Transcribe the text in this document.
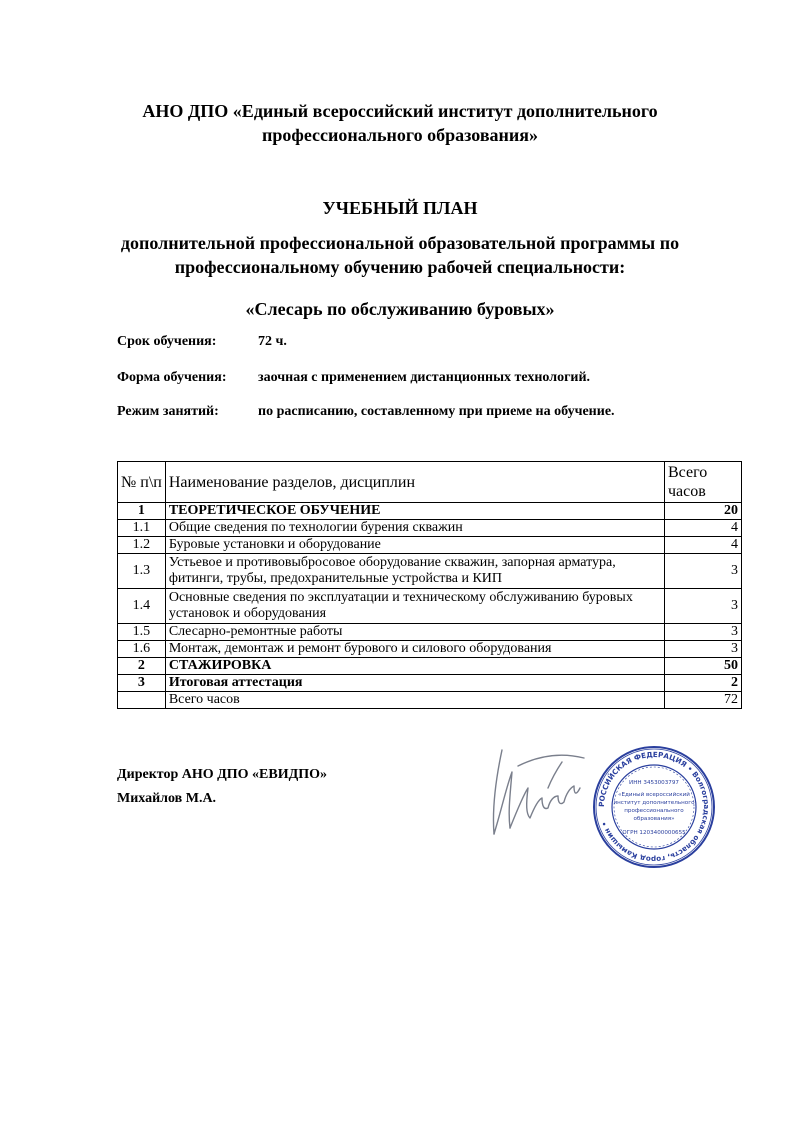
АНО ДПО «Единый всероссийский институт дополнительного
профессионального образования»
УЧЕБНЫЙ ПЛАН
дополнительной профессиональной образовательной программы по
профессиональному обучению рабочей специальности:
«Слесарь по обслуживанию буровых»
Срок обучения:	72 ч.
Форма обучения: заочная с применением дистанционных технологий.
Режим занятий:	по расписанию, составленному при приеме на обучение.
№ п\п	Наименование разделов, дисциплин	Всего
часов

1	ТЕОРЕТИЧЕСКОЕ ОБУЧЕНИЕ	20
1.1	Общие сведения по технологии бурения скважин	4
1.2	Буровые установки и оборудование	4
1.3	Устьевое и противовыбросовое оборудование скважин, запорная арматура, фитинги, трубы, предохранительные устройства и КИП	3
1.4	Основные сведения по эксплуатации и техническому обслуживанию буровых установок и оборудования	3
1.5	Слесарно-ремонтные работы	3
1.6	Монтаж, демонтаж и ремонт бурового и силового оборудования	3
2	СТАЖИРОВКА	50
3	Итоговая аттестация	2
	Всего часов	72
Директор АНО ДПО «ЕВИДПО»
Михайлов М.А.	РОССИЙСКАЯ ФЕДЕРАЦИЯ • Волгоградская область, город Камышин •
ИНН 3453003797
«Единый всероссийский
институт дополнительного
профессионального
образования»
ОГРН 1203400000655
